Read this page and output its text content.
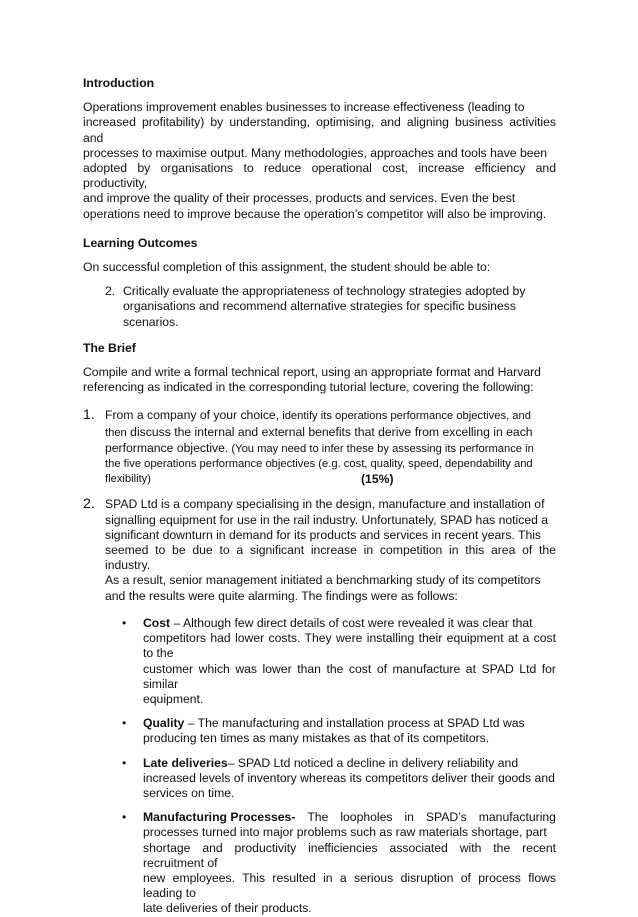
Introduction

Operations improvement enables businesses to increase effectiveness (leading to

increased profitability) by understanding, optimising, and aligning business activities and

processes to maximise output. Many methodologies, approaches and tools have been

adopted by organisations to reduce operational cost, increase efficiency and productivity,

and improve the quality of their processes, products and services. Even the best

operations need to improve because the operation’s competitor will also be improving.

Learning Outcomes

On successful completion of this assignment, the student should be able to:

2. Critically evaluate the appropriateness of technology strategies adopted by

organisations and recommend alternative strategies for specific business

scenarios.

The Brief

Compile and write a formal technical report, using an appropriate format and Harvard

referencing as indicated in the corresponding tutorial lecture, covering the following:

1. From a company of your choice, identify its operations performance objectives, and

then discuss the internal and external benefits that derive from excelling in each

performance objective. (You may need to infer these by assessing its performance in

the five operations performance objectives (e.g. cost, quality, speed, dependability and

flexibility)	(15%)
2. SPAD Ltd is a company specialising in the design, manufacture and installation of

signalling equipment for use in the rail industry. Unfortunately, SPAD has noticed a

significant downturn in demand for its products and services in recent years. This

seemed to be due to a significant increase in competition in this area of the industry.

As a result, senior management initiated a benchmarking study of its competitors

and the results were quite alarming. The findings were as follows:

• Cost – Although few direct details of cost were revealed it was clear that

competitors had lower costs. They were installing their equipment at a cost to the

customer which was lower than the cost of manufacture at SPAD Ltd for similar

equipment.

• Quality – The manufacturing and installation process at SPAD Ltd was

producing ten times as many mistakes as that of its competitors.

• Late deliveries– SPAD Ltd noticed a decline in delivery reliability and

increased levels of inventory whereas its competitors deliver their goods and

services on time.

• Manufacturing Processes- The loopholes in SPAD’s manufacturing

processes turned into major problems such as raw materials shortage, part

shortage and productivity inefficiencies associated with the recent recruitment of

new employees. This resulted in a serious disruption of process flows leading to

late deliveries of their products.
